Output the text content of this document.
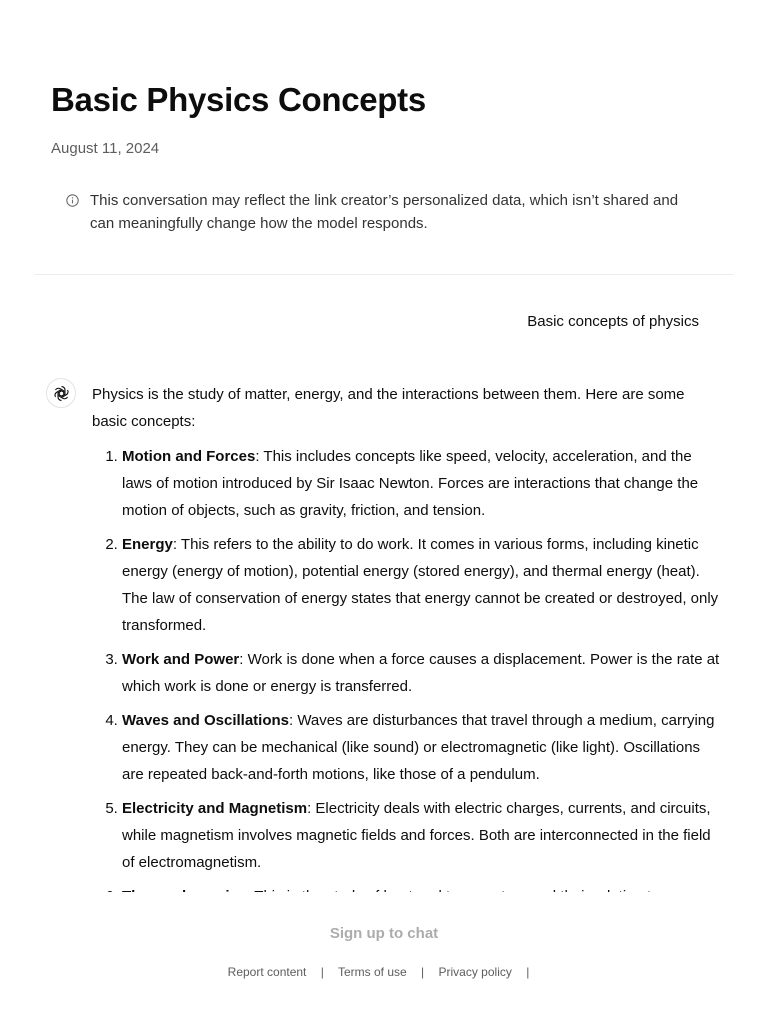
Basic Physics Concepts
August 11, 2024
This conversation may reflect the link creator’s personalized data, which isn’t shared and can meaningfully change how the model responds.
Basic concepts of physics

Physics is the study of matter, energy, and the interactions between them. Here are some basic concepts:

1. Motion and Forces: This includes concepts like speed, velocity, acceleration, and the laws of motion introduced by Sir Isaac Newton. Forces are interactions that change the motion of objects, such as gravity, friction, and tension.
2. Energy: This refers to the ability to do work. It comes in various forms, including kinetic energy (energy of motion), potential energy (stored energy), and thermal energy (heat). The law of conservation of energy states that energy cannot be created or destroyed, only transformed.
3. Work and Power: Work is done when a force causes a displacement. Power is the rate at which work is done or energy is transferred.
4. Waves and Oscillations: Waves are disturbances that travel through a medium, carrying energy. They can be mechanical (like sound) or electromagnetic (like light). Oscillations are repeated back-and-forth motions, like those of a pendulum.
5. Electricity and Magnetism: Electricity deals with electric charges, currents, and circuits, while magnetism involves magnetic fields and forces. Both are interconnected in the field of electromagnetism.
6.
Sign up to chat
Report content | Terms of use | Privacy policy |
